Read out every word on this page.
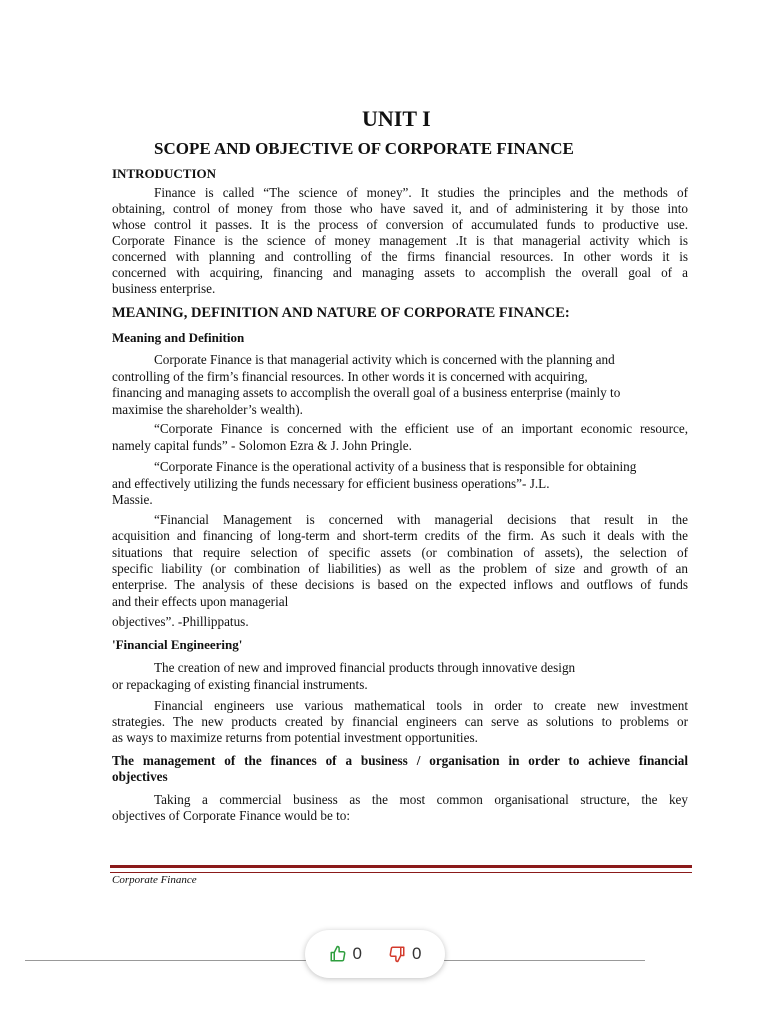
UNIT I
SCOPE AND OBJECTIVE OF CORPORATE FINANCE
INTRODUCTION
Finance is called “The science of money”. It studies the principles and the methods of
obtaining, control of money from those who have saved it, and of administering it by those into
whose control it passes. It is the process of conversion of accumulated funds to productive use.
Corporate Finance is the science of money management .It is that managerial activity which is
concerned with planning and controlling of the firms financial resources. In other words it is
concerned with acquiring, financing and managing assets to accomplish the overall goal of a
business enterprise.
MEANING, DEFINITION AND NATURE OF CORPORATE FINANCE:
Meaning and Definition
Corporate Finance is that managerial activity which is concerned with the planning and
controlling of the firm’s financial resources. In other words it is concerned with acquiring,
financing and managing assets to accomplish the overall goal of a business enterprise (mainly to
maximise the shareholder’s wealth).
“Corporate Finance is concerned with the efficient use of an important economic resource,
namely capital funds” - Solomon Ezra & J. John Pringle.
“Corporate Finance is the operational activity of a business that is responsible for obtaining
and effectively utilizing the funds necessary for efficient business operations”- J.L.
Massie.
“Financial Management is concerned with managerial decisions that result in the
acquisition and financing of long-term and short-term credits of the firm. As such it deals with the
situations that require selection of specific assets (or combination of assets), the selection of
specific liability (or combination of liabilities) as well as the problem of size and growth of an
enterprise. The analysis of these decisions is based on the expected inflows and outflows of funds
and their effects upon managerial
objectives”. -Phillippatus.
'Financial Engineering'
The creation of new and improved financial products through innovative design
or repackaging of existing financial instruments.
Financial engineers use various mathematical tools in order to create new investment
strategies. The new products created by financial engineers can serve as solutions to problems or
as ways to maximize returns from potential investment opportunities.
The management of the finances of a business / organisation in order to achieve financial
objectives
Taking a commercial business as the most common organisational structure, the key
objectives of Corporate Finance would be to:
Corporate Finance
0	0
